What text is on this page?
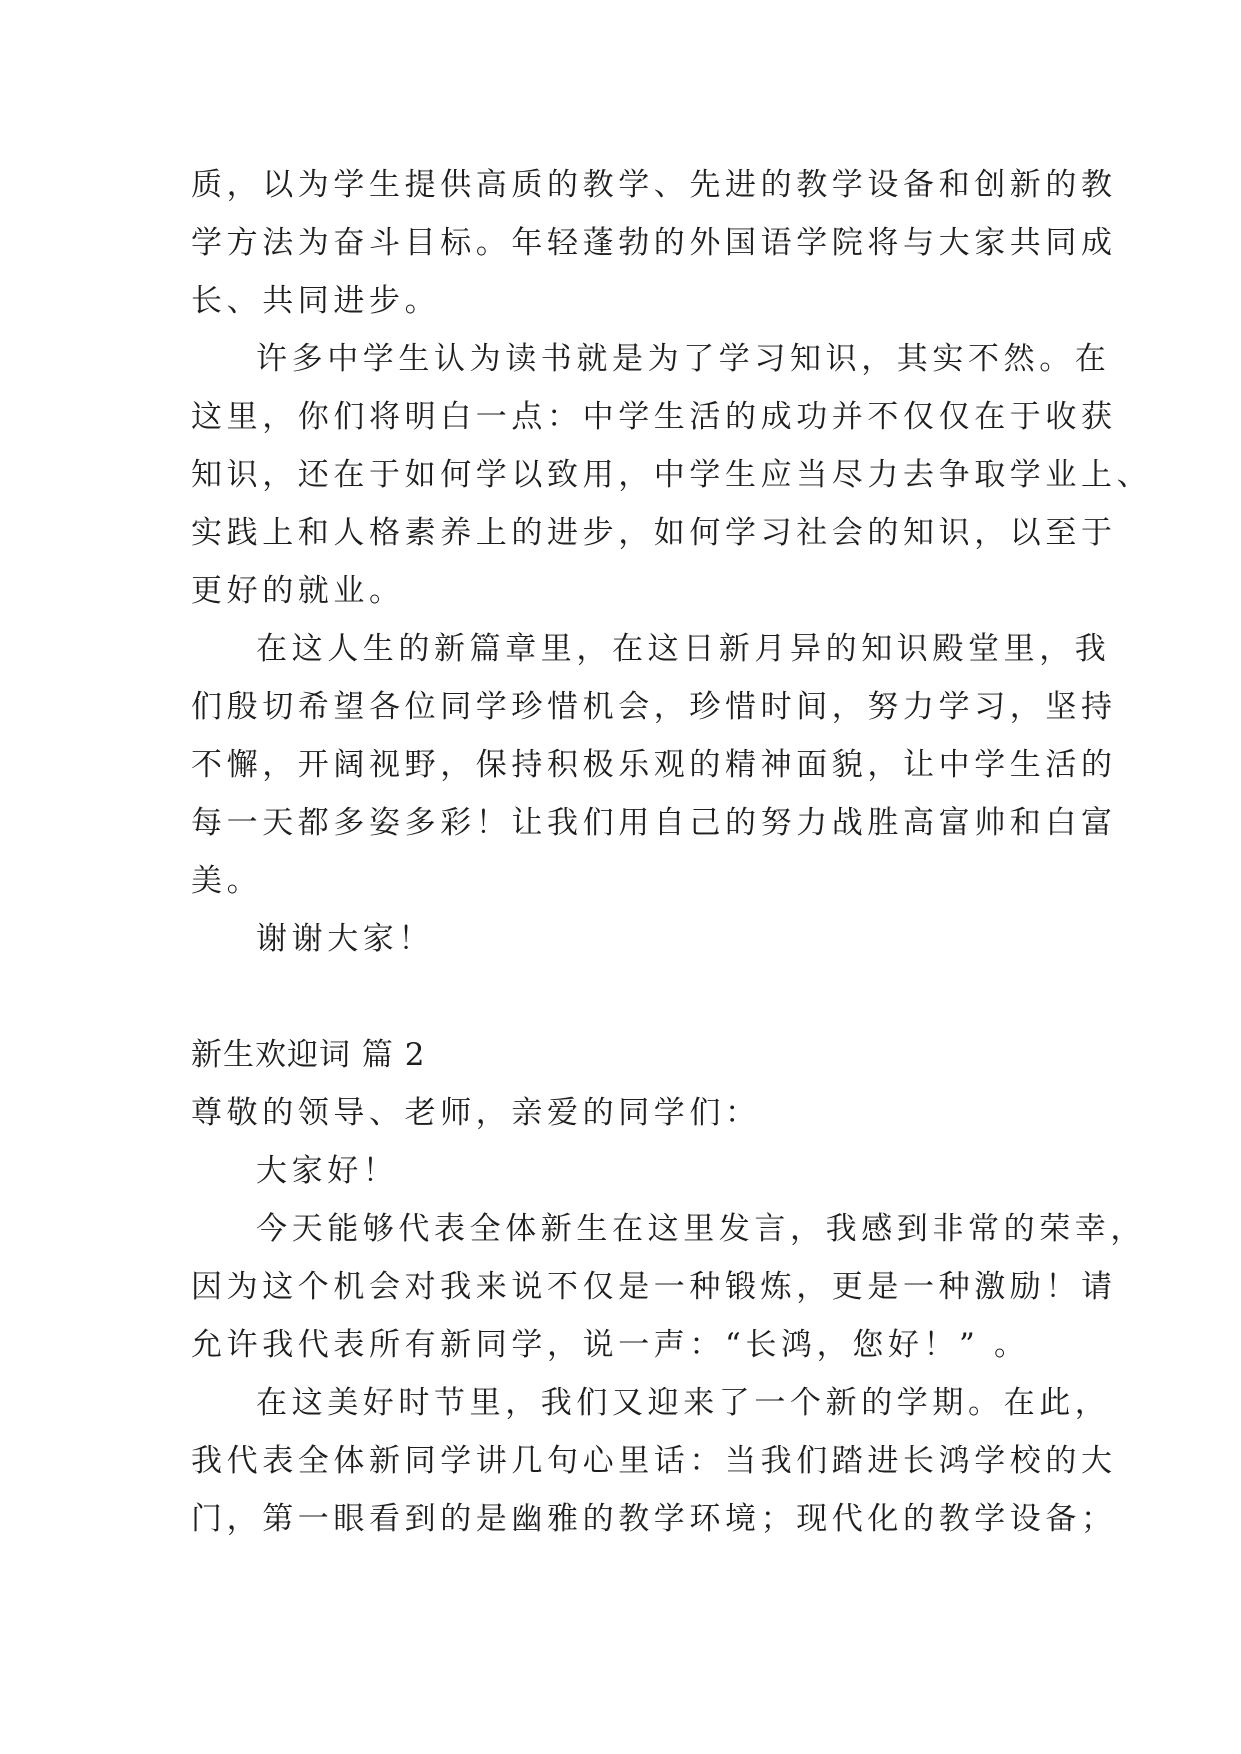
质，以为学生提供高质的教学、先进的教学设备和创新的教
学方法为奋斗目标。年轻蓬勃的外国语学院将与大家共同成
长、共同进步。
许多中学生认为读书就是为了学习知识，其实不然。在
这里，你们将明白一点：中学生活的成功并不仅仅在于收获
知识，还在于如何学以致用，中学生应当尽力去争取学业上、
实践上和人格素养上的进步，如何学习社会的知识，以至于
更好的就业。
在这人生的新篇章里，在这日新月异的知识殿堂里，我
们殷切希望各位同学珍惜机会，珍惜时间，努力学习，坚持
不懈，开阔视野，保持积极乐观的精神面貌，让中学生活的
每一天都多姿多彩！让我们用自己的努力战胜高富帅和白富
美。
谢谢大家！
新生欢迎词 篇 2
尊敬的领导、老师，亲爱的同学们：
大家好！
今天能够代表全体新生在这里发言，我感到非常的荣幸，
因为这个机会对我来说不仅是一种锻炼，更是一种激励！请
允许我代表所有新同学，说一声：“长鸿，您好！” 。
在这美好时节里，我们又迎来了一个新的学期。在此，
我代表全体新同学讲几句心里话：当我们踏进长鸿学校的大
门，第一眼看到的是幽雅的教学环境；现代化的教学设备；
